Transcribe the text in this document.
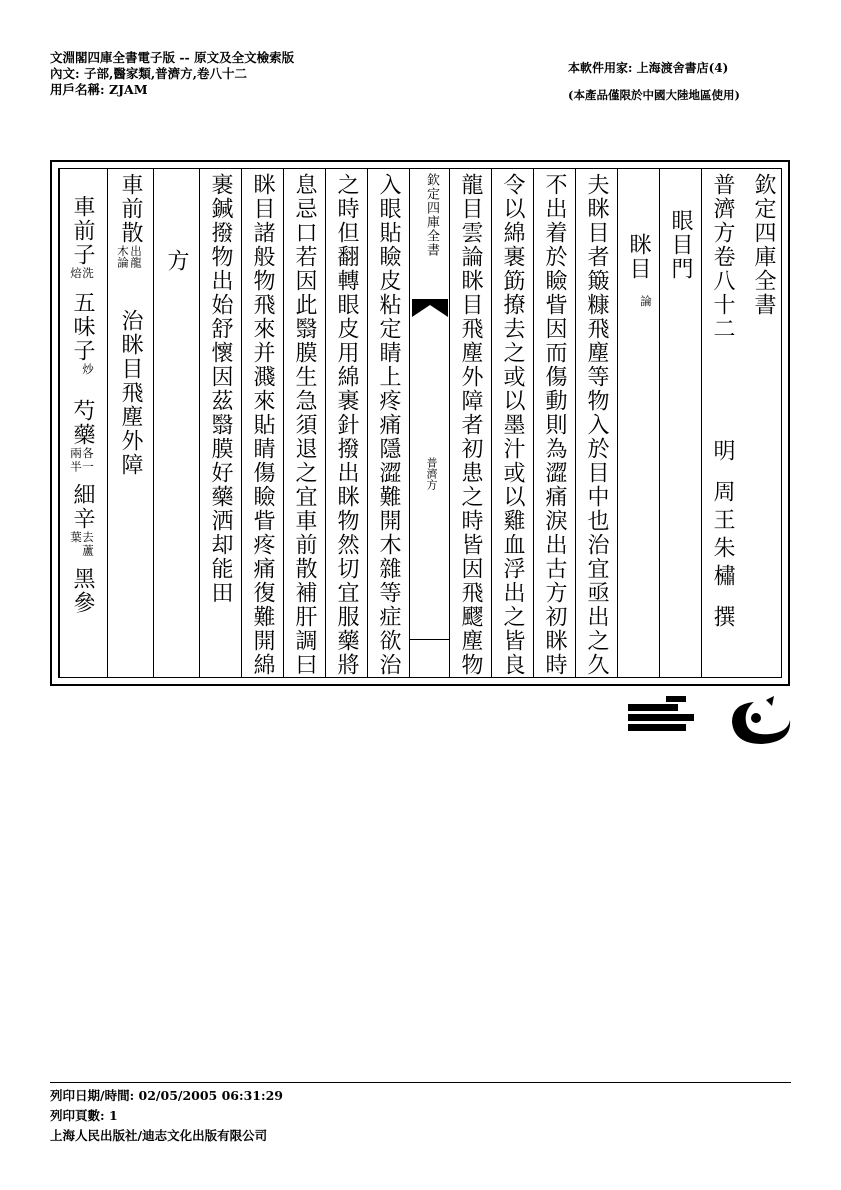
文淵閣四庫全書電子版 -- 原文及全文檢索版
內文: 子部,醫家類,普濟方,卷八十二
用戶名稱: ZJAM
本軟件用家: 上海渡舍書店(4)
(本產品僅限於中國大陸地區使用)
欽定四庫全書
普濟方卷八十二
明 周王朱橚 撰
眼目門
眯目
論
夫眯目者簸糠飛塵等物入於目中也治宜亟出之久
不出着於瞼眥因而傷動則為澀痛淚出古方初眯時
令以綿裹筯撩去之或以墨汁或以雞血浮出之皆良
龍目雲論眯目飛塵外障者初患之時皆因飛飂塵物
欽定四庫全書
普濟方
入眼貼瞼皮粘定睛上疼痛隱澀難開木雜等症欲治
之時但翻轉眼皮用綿裹針撥出眯物然切宜服藥將
息忌口若因此翳膜生急須退之宜車前散補肝調曰
眯目諸般物飛來并濺來貼睛傷瞼眥疼痛復難開綿
裹鍼撥物出始舒懷因茲翳膜好藥洒却能田
方
車前散
出龍木論
治眯目飛塵外障
車前子洗焙五味子炒芍藥各一兩半細辛去蘆葉黑參
列印日期/時間: 02/05/2005 06:31:29
列印頁數: 1
上海人民出版社/迪志文化出版有限公司
